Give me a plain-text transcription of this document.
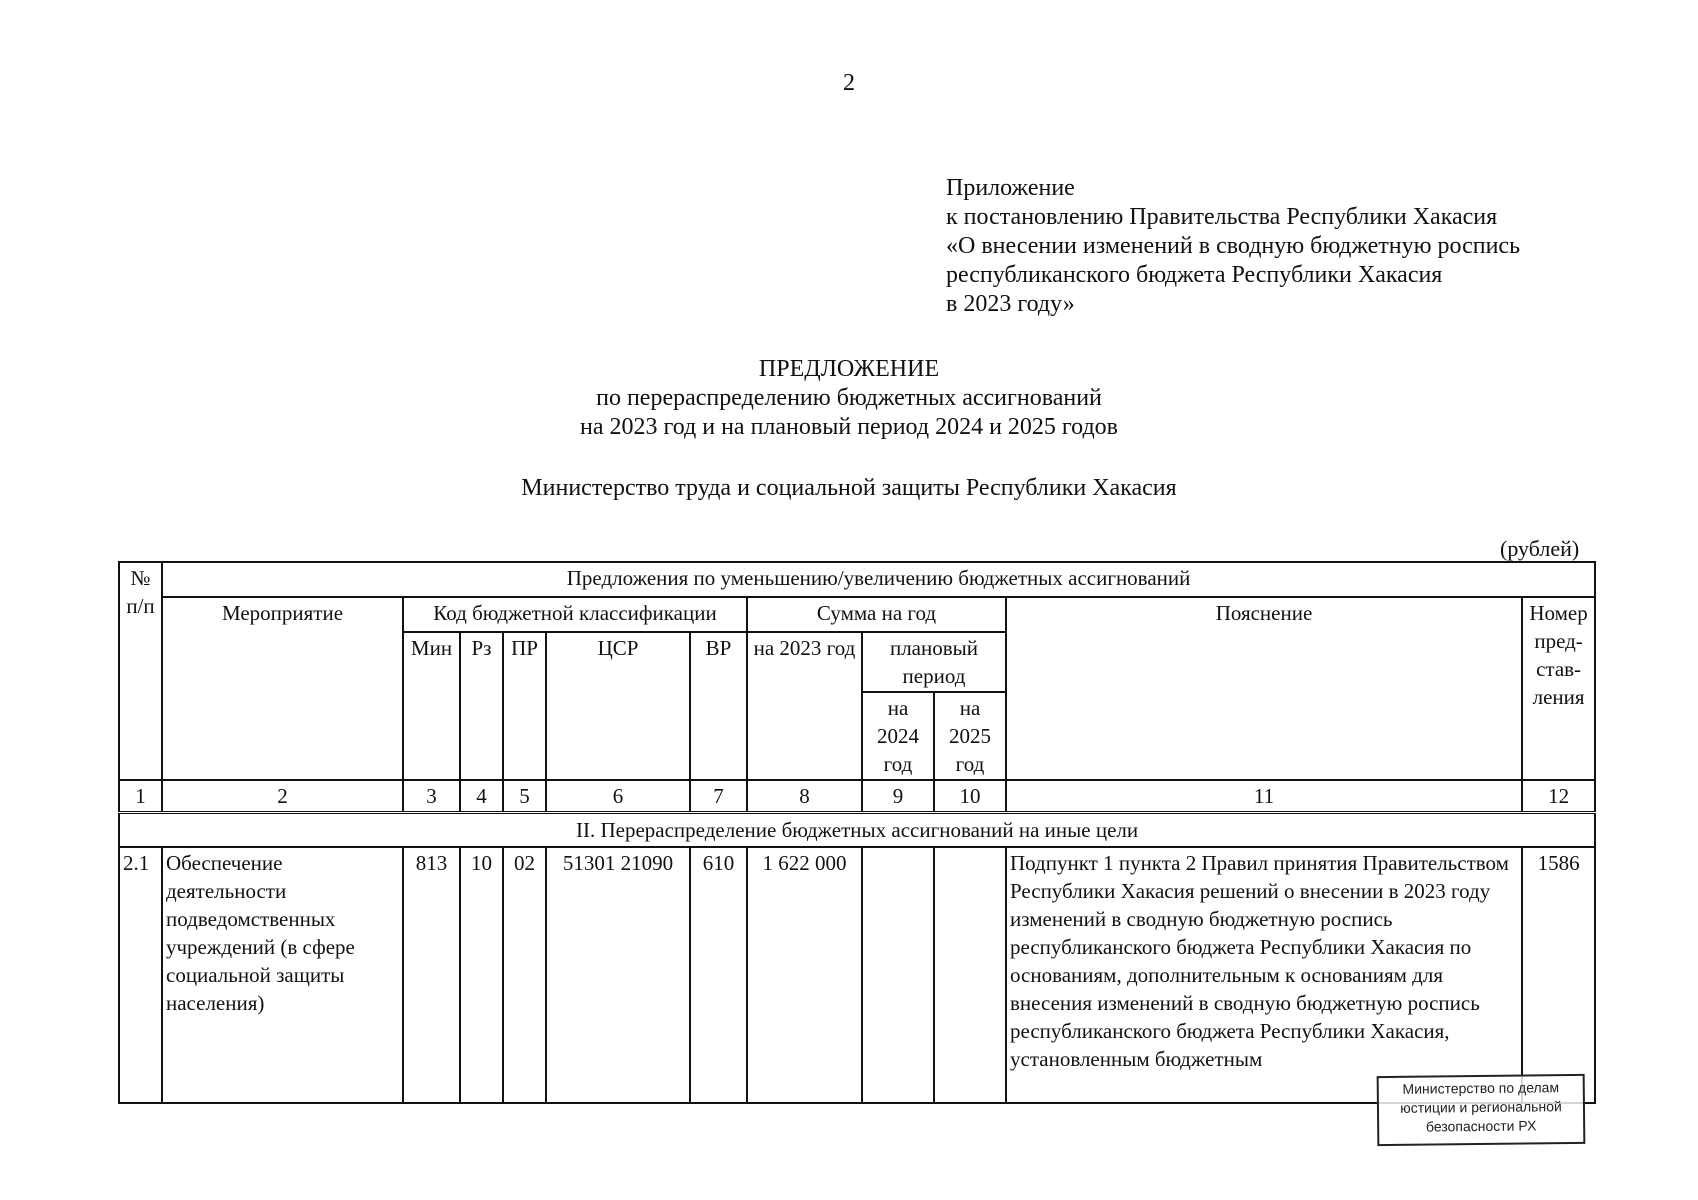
2
Приложение
к постановлению Правительства Республики Хакасия
«О внесении изменений в сводную бюджетную роспись
республиканского бюджета Республики Хакасия
в 2023 году»
ПРЕДЛОЖЕНИЕ
по перераспределению бюджетных ассигнований
на 2023 год и на плановый период 2024 и 2025 годов
Министерство труда и социальной защиты Республики Хакасия
(рублей)
№ п/п	Предложения по уменьшению/увеличению бюджетных ассигнований										
	Мероприятие	Код бюджетной классификации					Сумма на год			Пояснение	Номер пред-став-ления
		Мин	Рз	ПР	ЦСР	ВР	на 2023 год	плановый период			
								на 2024 год	на 2025 год		
1	2	3	4	5	6	7	8	9	10	11	12
II. Перераспределение бюджетных ассигнований на иные цели											
2.1	Обеспечение деятельности подведомственных учреждений (в сфере социальной защиты населения)	813	10	02	51301 21090	610	1 622 000			Подпункт 1 пункта 2 Правил принятия Правительством Республики Хакасия решений о внесении в 2023 году изменений в сводную бюджетную роспись республиканского бюджета Республики Хакасия по основаниям, дополнительным к основаниям для внесения изменений в сводную бюджетную роспись республиканского бюджета Республики Хакасия, установленным бюджетным	1586
Министерство по делам
юстиции и региональной
безопасности РХ
